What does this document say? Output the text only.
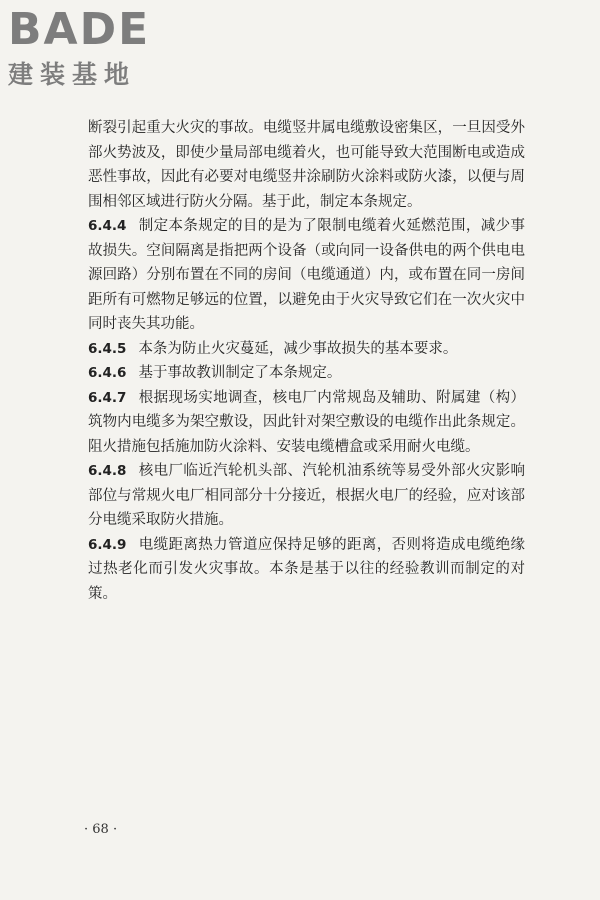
BADE
建装基地

断裂引起重大火灾的事故。电缆竖井属电缆敷设密集区，一旦因受外部火势波及，即使少量局部电缆着火，也可能导致大范围断电或造成恶性事故，因此有必要对电缆竖井涂刷防火涂料或防火漆，以便与周围相邻区域进行防火分隔。基于此，制定本条规定。

6.4.4 制定本条规定的目的是为了限制电缆着火延燃范围，减少事故损失。空间隔离是指把两个设备（或向同一设备供电的两个供电电源回路）分别布置在不同的房间（电缆通道）内，或布置在同一房间距所有可燃物足够远的位置，以避免由于火灾导致它们在一次火灾中同时丧失其功能。

6.4.5 本条为防止火灾蔓延，减少事故损失的基本要求。

6.4.6 基于事故教训制定了本条规定。

6.4.7 根据现场实地调查，核电厂内常规岛及辅助、附属建（构）筑物内电缆多为架空敷设，因此针对架空敷设的电缆作出此条规定。阻火措施包括施加防火涂料、安装电缆槽盒或采用耐火电缆。

6.4.8 核电厂临近汽轮机头部、汽轮机油系统等易受外部火灾影响部位与常规火电厂相同部分十分接近，根据火电厂的经验，应对该部分电缆采取防火措施。

6.4.9 电缆距离热力管道应保持足够的距离，否则将造成电缆绝缘过热老化而引发火灾事故。本条是基于以往的经验教训而制定的对策。

· 68 ·
